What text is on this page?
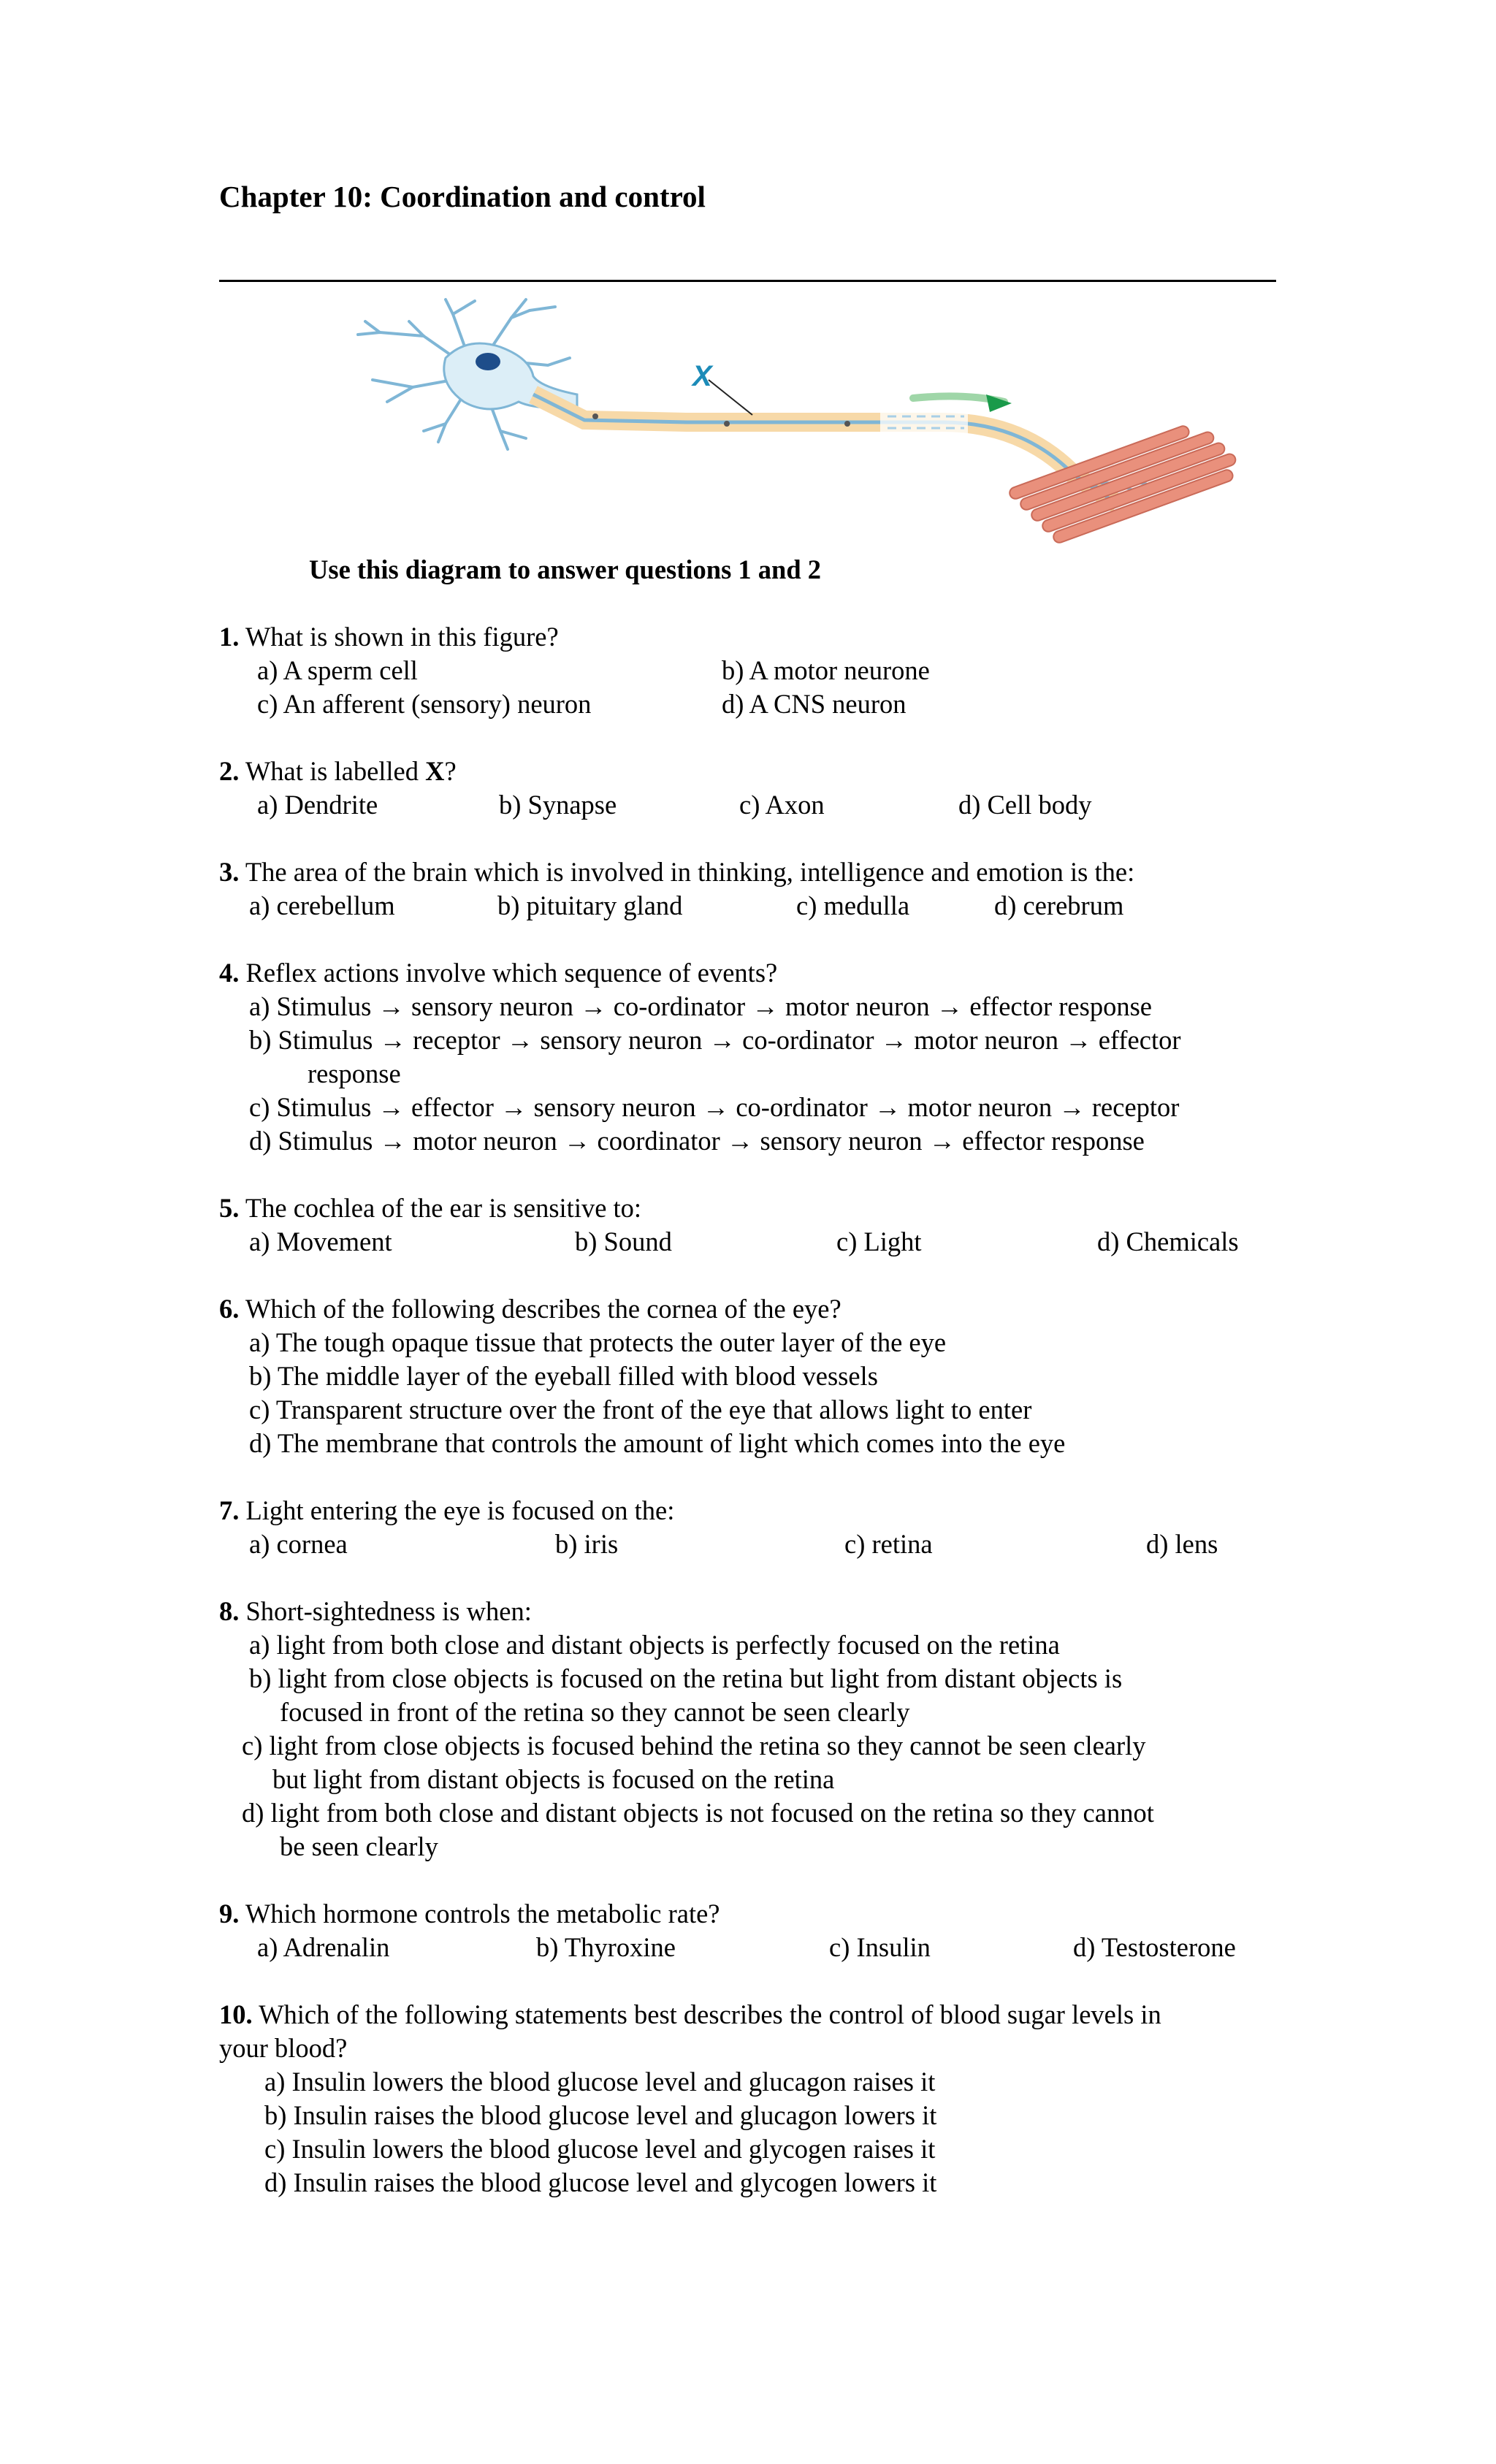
Chapter 10: Coordination and control
X
Use this diagram to answer questions 1 and 2
1. What is shown in this figure?
a) A sperm cell	b) A motor neurone
c) An afferent (sensory) neuron	d) A CNS neuron
2. What is labelled X?
a) Dendrite	b) Synapse	c) Axon	d) Cell body
3. The area of the brain which is involved in thinking, intelligence and emotion is the:
a) cerebellum	b) pituitary gland	c) medulla	d) cerebrum
4. Reflex actions involve which sequence of events?
a) Stimulus → sensory neuron → co-ordinator → motor neuron → effector response
b) Stimulus → receptor → sensory neuron → co-ordinator → motor neuron → effector
response
c) Stimulus → effector → sensory neuron → co-ordinator → motor neuron → receptor
d) Stimulus → motor neuron → coordinator → sensory neuron → effector response
5. The cochlea of the ear is sensitive to:
a) Movement	b) Sound	c) Light	d) Chemicals
6. Which of the following describes the cornea of the eye?
a) The tough opaque tissue that protects the outer layer of the eye
b) The middle layer of the eyeball filled with blood vessels
c) Transparent structure over the front of the eye that allows light to enter
d) The membrane that controls the amount of light which comes into the eye
7. Light entering the eye is focused on the:
a) cornea	b) iris	c) retina	d) lens
8. Short-sightedness is when:
a) light from both close and distant objects is perfectly focused on the retina
b) light from close objects is focused on the retina but light from distant objects is
focused in front of the retina so they cannot be seen clearly
c) light from close objects is focused behind the retina so they cannot be seen clearly
but light from distant objects is focused on the retina
d) light from both close and distant objects is not focused on the retina so they cannot
be seen clearly
9. Which hormone controls the metabolic rate?
a) Adrenalin	b) Thyroxine	c) Insulin	d) Testosterone
10. Which of the following statements best describes the control of blood sugar levels in
your blood?
a) Insulin lowers the blood glucose level and glucagon raises it
b) Insulin raises the blood glucose level and glucagon lowers it
c) Insulin lowers the blood glucose level and glycogen raises it
d) Insulin raises the blood glucose level and glycogen lowers it
